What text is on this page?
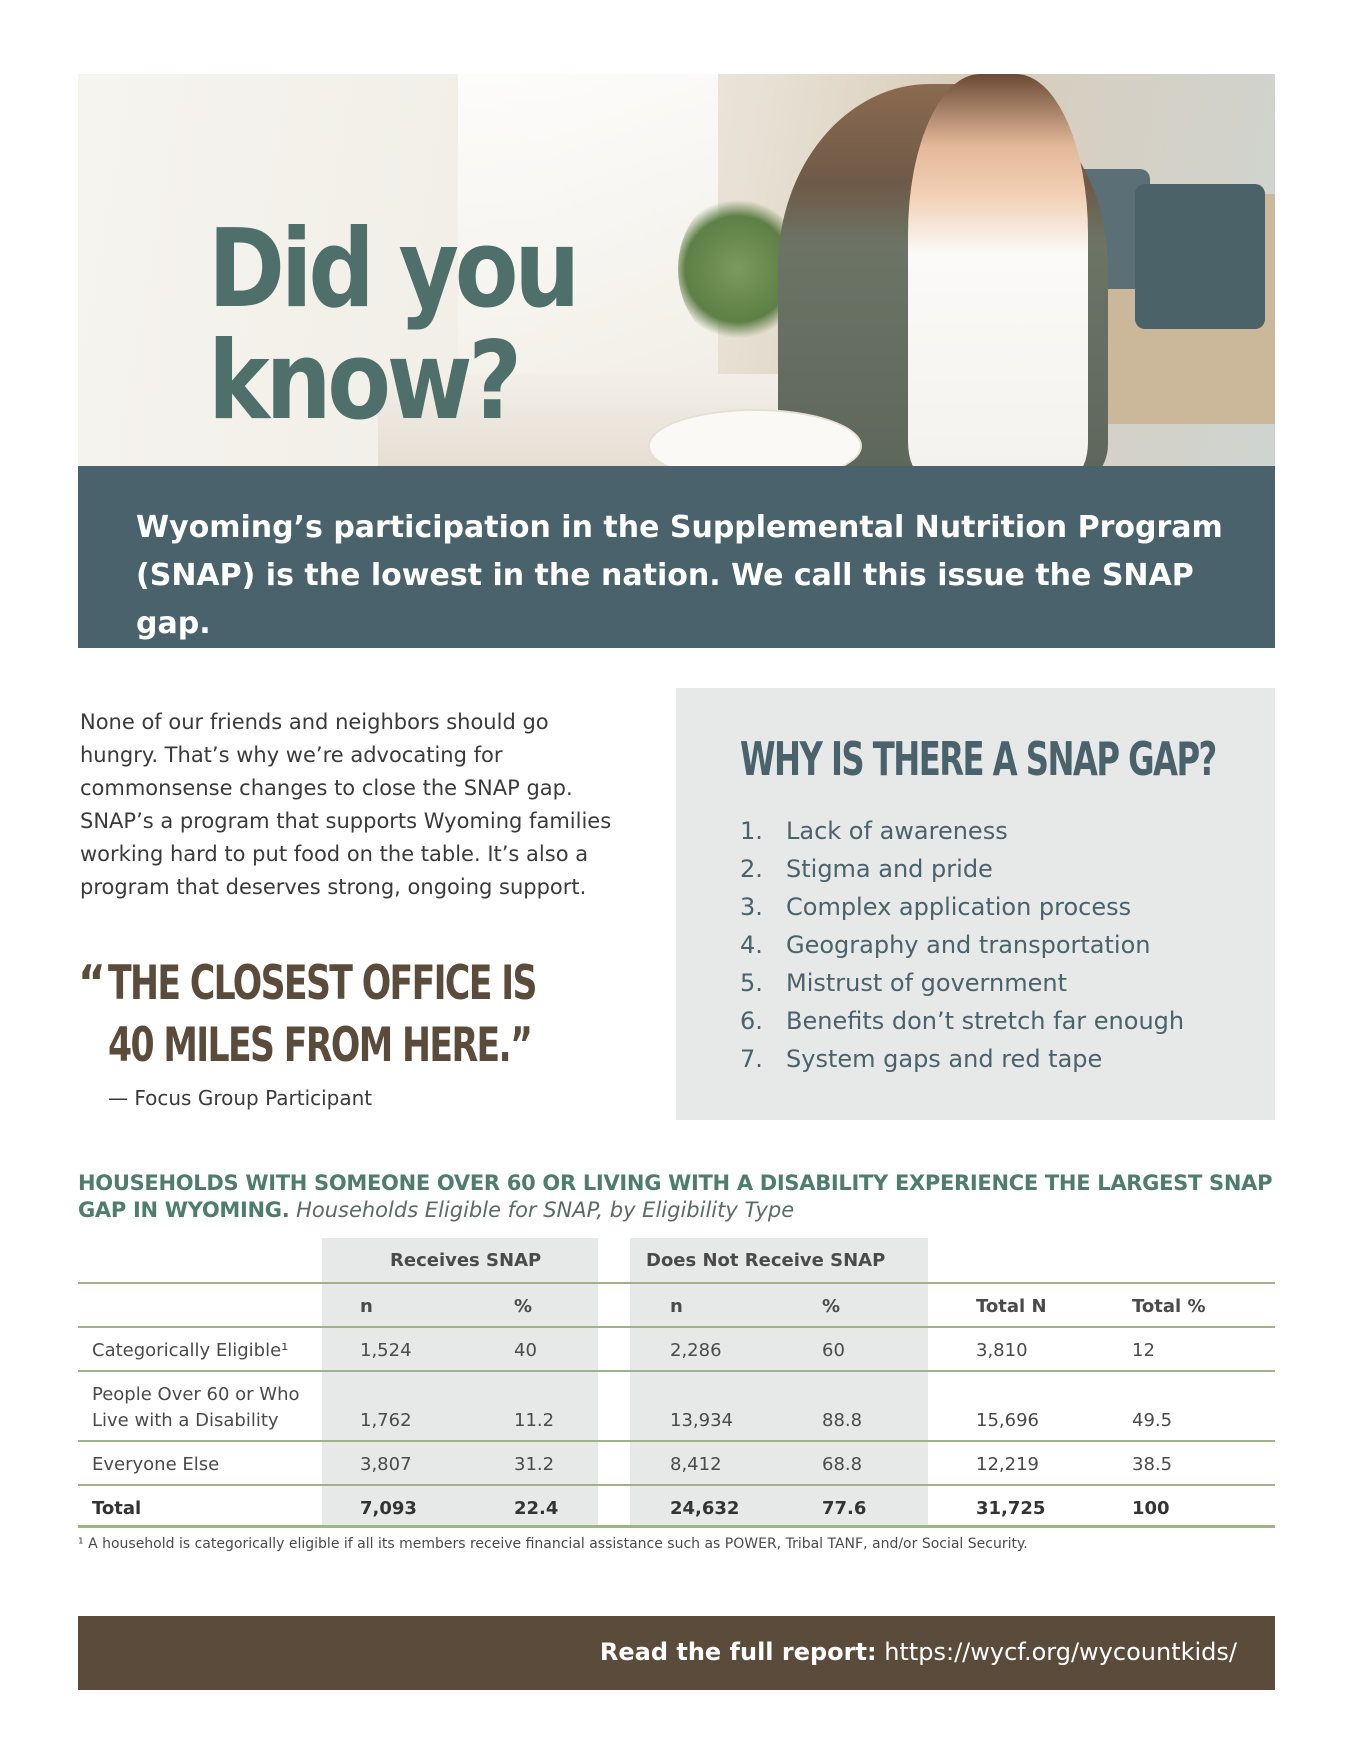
Did you
know?

Wyoming’s participation in the Supplemental Nutrition Program (SNAP) is the lowest in the nation. We call this issue the SNAP gap.

None of our friends and neighbors should go hungry. That’s why we’re advocating for commonsense changes to close the SNAP gap. SNAP’s a program that supports Wyoming families working hard to put food on the table. It’s also a program that deserves strong, ongoing support.

“ THE CLOSEST OFFICE IS
40 MILES FROM HERE.”
— Focus Group Participant
WHY IS THERE A SNAP GAP?
1. Lack of awareness
2. Stigma and pride
3. Complex application process
4. Geography and transportation
5. Mistrust of government
6. Benefits don’t stretch far enough
7. System gaps and red tape

HOUSEHOLDS WITH SOMEONE OVER 60 OR LIVING WITH A DISABILITY EXPERIENCE THE LARGEST SNAP GAP IN WYOMING. Households Eligible for SNAP, by Eligibility Type

Receives SNAP	Does Not Receive SNAP
n	%	n	%	Total N	Total %
Categorically Eligible¹	1,524	40	2,286	60	3,810	12
People Over 60 or Who
Live with a Disability	1,762	11.2	13,934	88.8	15,696	49.5
Everyone Else	3,807	31.2	8,412	68.8	12,219	38.5
Total	7,093	22.4	24,632	77.6	31,725	100
¹ A household is categorically eligible if all its members receive financial assistance such as POWER, Tribal TANF, and/or Social Security.
Read the full report: https://wycf.org/wycountkids/
